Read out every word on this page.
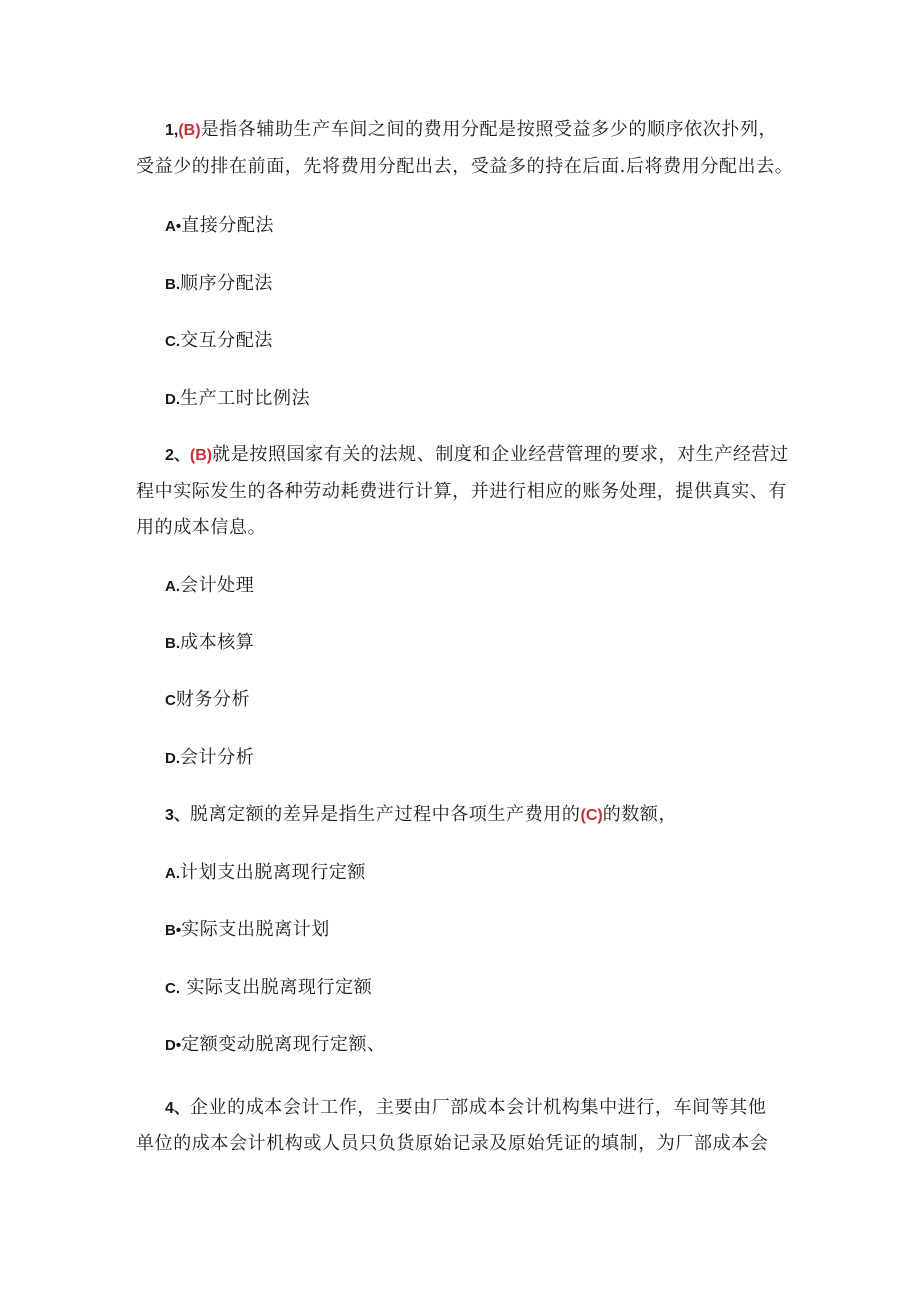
1,(B)是指各辅助生产车间之间的费用分配是按照受益多少的顺序依次扑列，
受益少的排在前面，先将费用分配出去，受益多的持在后面.后将费用分配出去。
A•直接分配法
B.顺序分配法
C.交互分配法
D.生产工时比例法
2、(B)就是按照国家有关的法规、制度和企业经营管理的要求，对生产经营过
程中实际发生的各种劳动耗费进行计算，并进行相应的账务处理，提供真实、有
用的成本信息。
A.会计处理
B.成本核算
C财务分析
D.会计分析
3、脱离定额的差异是指生产过程中各项生产费用的(C)的数额，
A.计划支出脱离现行定额
B•实际支出脱离计划
C. 实际支出脱离现行定额
D•定额变动脱离现行定额、
4、企业的成本会计工作，主要由厂部成本会计机构集中进行，车间等其他
单位的成本会计机构或人员只负货原始记录及原始凭证的填制，为厂部成本会
